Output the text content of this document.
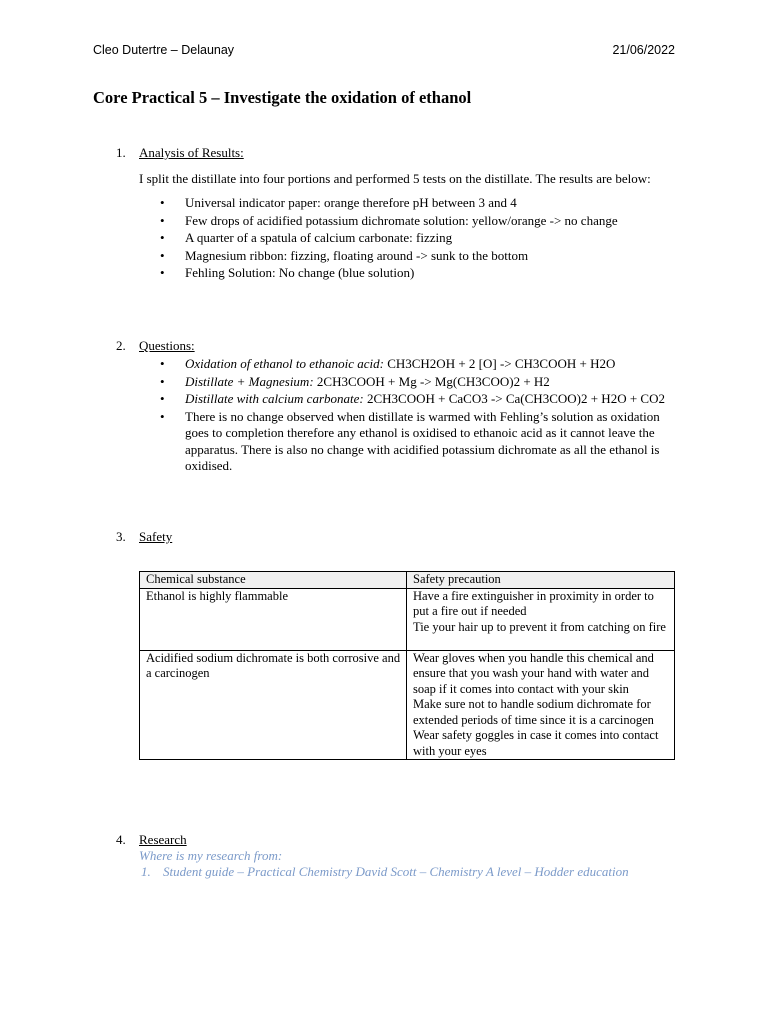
Cleo Dutertre – Delaunay	21/06/2022
Core Practical 5 – Investigate the oxidation of ethanol
1.	Analysis of Results:
I split the distillate into four portions and performed 5 tests on the distillate. The results are below:
• Universal indicator paper: orange therefore pH between 3 and 4
• Few drops of acidified potassium dichromate solution: yellow/orange -> no change
• A quarter of a spatula of calcium carbonate: fizzing
• Magnesium ribbon: fizzing, floating around -> sunk to the bottom
• Fehling Solution: No change (blue solution)
2.	Questions:
• Oxidation of ethanol to ethanoic acid: CH3CH2OH + 2 [O] -> CH3COOH + H2O
• Distillate + Magnesium: 2CH3COOH + Mg -> Mg(CH3COO)2 + H2
• Distillate with calcium carbonate: 2CH3COOH + CaCO3 -> Ca(CH3COO)2 + H2O + CO2
• There is no change observed when distillate is warmed with Fehling’s solution as oxidation goes to completion therefore any ethanol is oxidised to ethanoic acid as it cannot leave the apparatus. There is also no change with acidified potassium dichromate as all the ethanol is oxidised.
3.	Safety
Chemical substance	Safety precaution
Ethanol is highly flammable	Have a fire extinguisher in proximity in order to put a fire out if needed
Tie your hair up to prevent it from catching on fire

Acidified sodium dichromate is both corrosive and a carcinogen	Wear gloves when you handle this chemical and ensure that you wash your hand with water and soap if it comes into contact with your skin
Make sure not to handle sodium dichromate for extended periods of time since it is a carcinogen
Wear safety goggles in case it comes into contact with your eyes
4.	Research
Where is my research from:
1. Student guide – Practical Chemistry David Scott – Chemistry A level – Hodder education
